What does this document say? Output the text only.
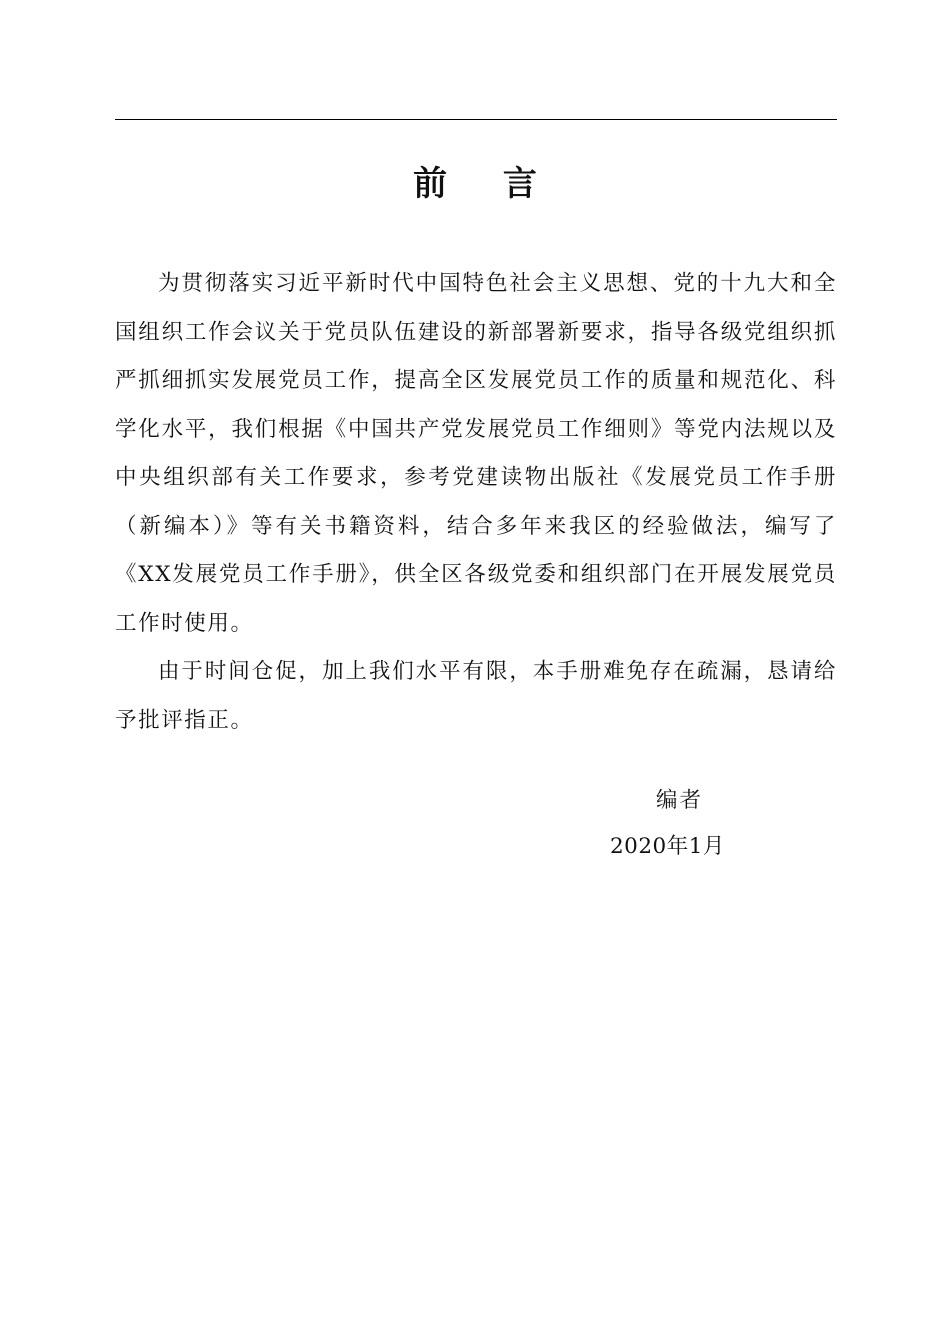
前 言

为贯彻落实习近平新时代中国特色社会主义思想、党的十九大和全国组织工作会议关于党员队伍建设的新部署新要求，指导各级党组织抓严抓细抓实发展党员工作，提高全区发展党员工作的质量和规范化、科学化水平，我们根据《中国共产党发展党员工作细则》等党内法规以及中央组织部有关工作要求，参考党建读物出版社《发展党员工作手册（新编本）》等有关书籍资料，结合多年来我区的经验做法，编写了《XX发展党员工作手册》，供全区各级党委和组织部门在开展发展党员工作时使用。

由于时间仓促，加上我们水平有限，本手册难免存在疏漏，恳请给予批评指正。

编者
2020年1月
